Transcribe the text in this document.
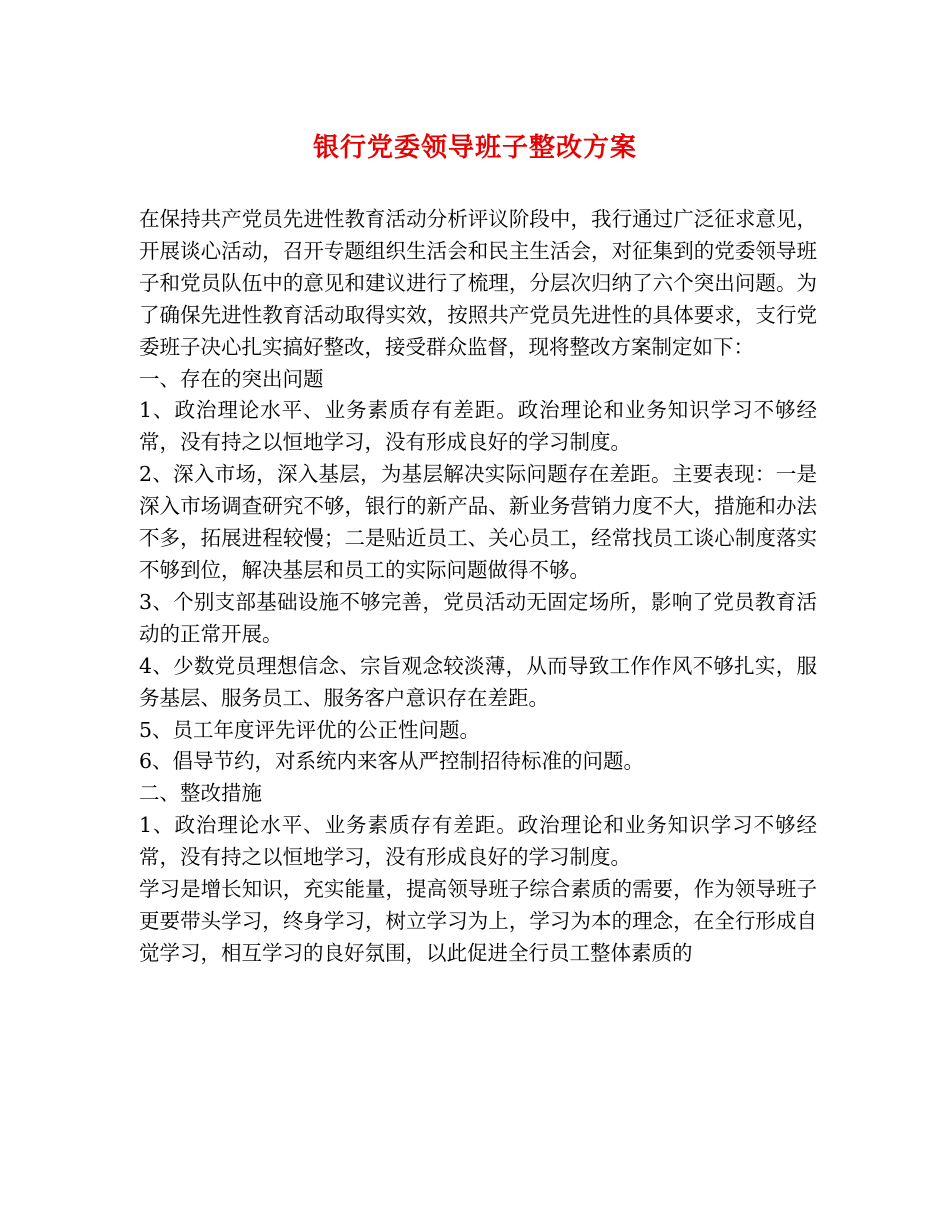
银行党委领导班子整改方案

在保持共产党员先进性教育活动分析评议阶段中，我行通过广泛征求意见，开展谈心活动，召开专题组织生活会和民主生活会，对征集到的党委领导班子和党员队伍中的意见和建议进行了梳理，分层次归纳了六个突出问题。为了确保先进性教育活动取得实效，按照共产党员先进性的具体要求，支行党委班子决心扎实搞好整改，接受群众监督，现将整改方案制定如下：

一、存在的突出问题

1、政治理论水平、业务素质存有差距。政治理论和业务知识学习不够经常，没有持之以恒地学习，没有形成良好的学习制度。

2、深入市场，深入基层，为基层解决实际问题存在差距。主要表现：一是深入市场调查研究不够，银行的新产品、新业务营销力度不大，措施和办法不多，拓展进程较慢；二是贴近员工、关心员工，经常找员工谈心制度落实不够到位，解决基层和员工的实际问题做得不够。

3、个别支部基础设施不够完善，党员活动无固定场所，影响了党员教育活动的正常开展。

4、少数党员理想信念、宗旨观念较淡薄，从而导致工作作风不够扎实，服务基层、服务员工、服务客户意识存在差距。

5、员工年度评先评优的公正性问题。

6、倡导节约，对系统内来客从严控制招待标准的问题。

二、整改措施

1、政治理论水平、业务素质存有差距。政治理论和业务知识学习不够经常，没有持之以恒地学习，没有形成良好的学习制度。

学习是增长知识，充实能量，提高领导班子综合素质的需要，作为领导班子更要带头学习，终身学习，树立学习为上，学习为本的理念，在全行形成自觉学习，相互学习的良好氛围，以此促进全行员工整体素质的
